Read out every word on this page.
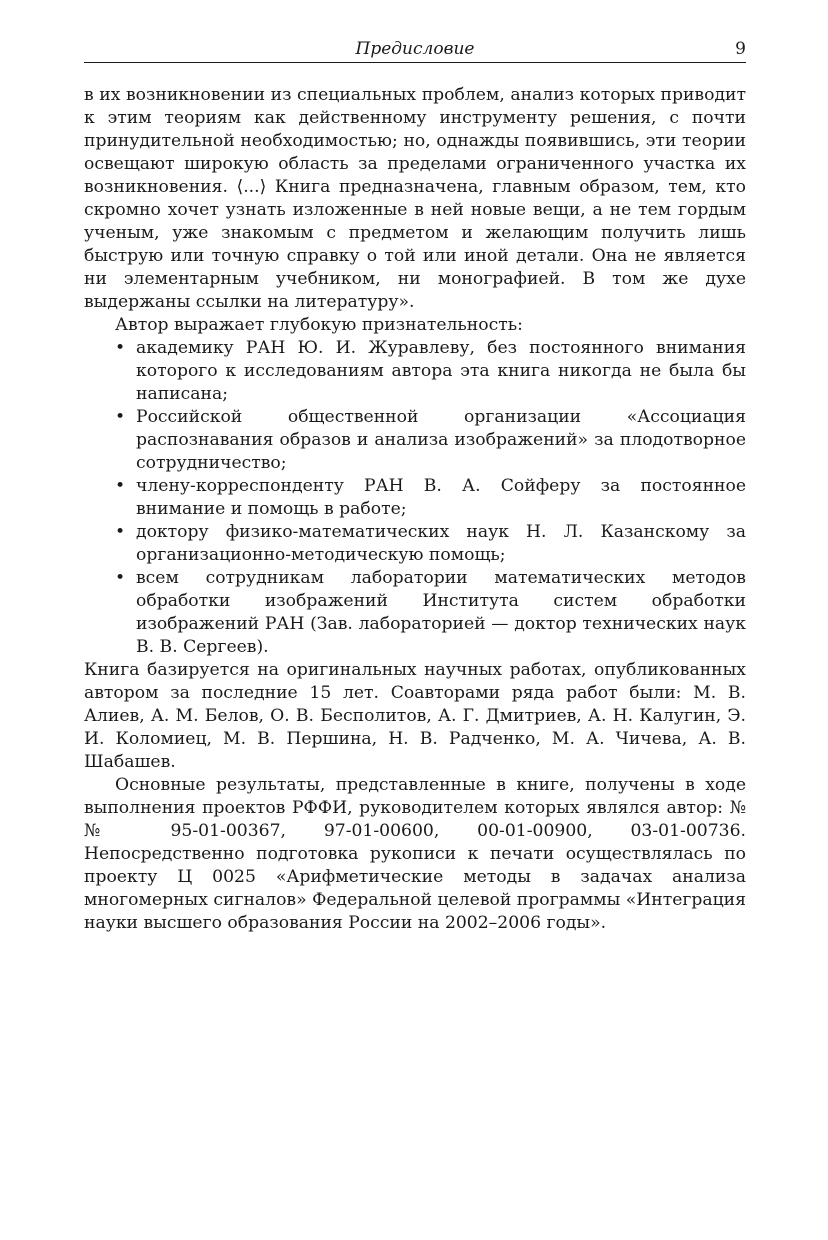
Предисловие	9

в их возникновении из специальных проблем, анализ которых приводит к этим теориям как действенному инструменту решения, с почти принудительной необходимостью; но, однажды появившись, эти теории освещают широкую область за пределами ограниченного участка их возникновения. ⟨...⟩ Книга предназначена, главным образом, тем, кто скромно хочет узнать изложенные в ней новые вещи, а не тем гордым ученым, уже знакомым с предметом и желающим получить лишь быструю или точную справку о той или иной детали. Она не является ни элементарным учебником, ни монографией. В том же духе выдержаны ссылки на литературу».

Автор выражает глубокую признательность:

• академику РАН Ю. И. Журавлеву, без постоянного внимания которого к исследованиям автора эта книга никогда не была бы написана;
• Российской общественной организации «Ассоциация распознавания образов и анализа изображений» за плодотворное сотрудничество;
• члену-корреспонденту РАН В. А. Сойферу за постоянное внимание и помощь в работе;
• доктору физико-математических наук Н. Л. Казанскому за организационно-методическую помощь;
• всем сотрудникам лаборатории математических методов обработки изображений Института систем обработки изображений РАН (Зав. лабораторией — доктор технических наук В. В. Сергеев).

Книга базируется на оригинальных научных работах, опубликованных автором за последние 15 лет. Соавторами ряда работ были: М. В. Алиев, А. М. Белов, О. В. Бесполитов, А. Г. Дмитриев, А. Н. Калугин, Э. И. Коломиец, М. В. Першина, Н. В. Радченко, М. А. Чичева, А. В. Шабашев.

Основные результаты, представленные в книге, получены в ходе выполнения проектов РФФИ, руководителем которых являлся автор: №№ 95-01-00367, 97-01-00600, 00-01-00900, 03-01-00736. Непосредственно подготовка рукописи к печати осуществлялась по проекту Ц 0025 «Арифметические методы в задачах анализа многомерных сигналов» Федеральной целевой программы «Интеграция науки высшего образования России на 2002–2006 годы».
